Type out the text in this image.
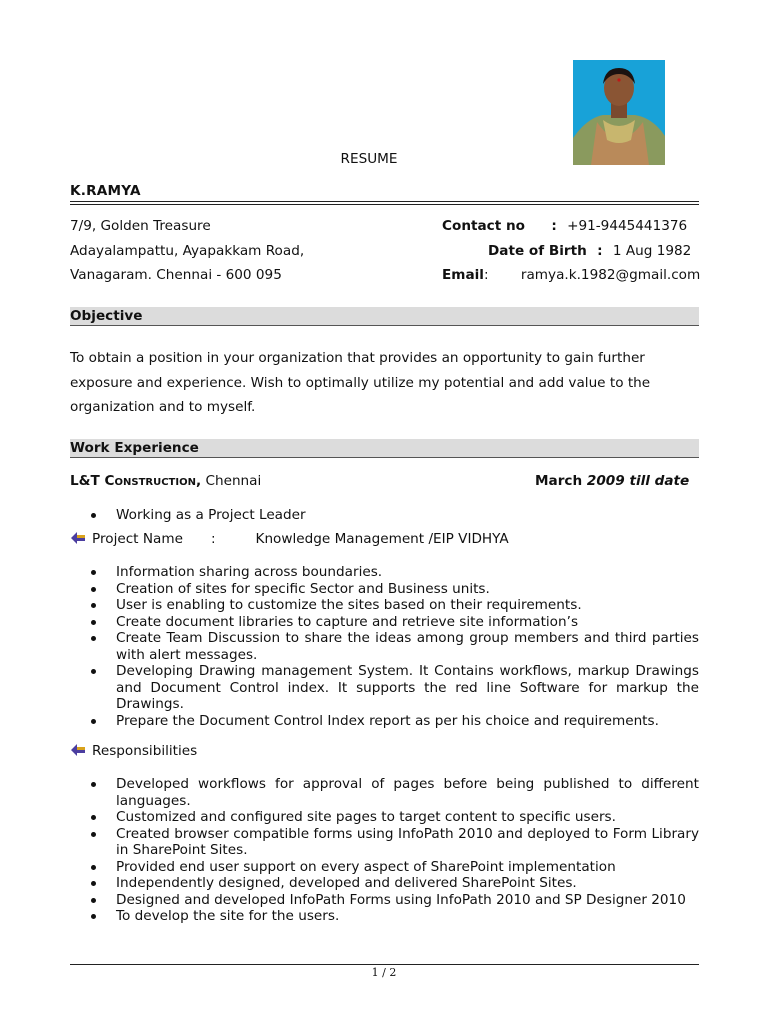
RESUME
K.RAMYA
7/9, Golden Treasure
Adayalampattu, Ayapakkam Road,
Vanagaram. Chennai - 600 095
Contact no : +91-9445441376
Date of Birth : 1 Aug 1982
Email: ramya.k.1982@gmail.com
Objective
To obtain a position in your organization that provides an opportunity to gain further exposure and experience. Wish to optimally utilize my potential and add value to the organization and to myself.
Work Experience
L&T Construction, Chennai	March 2009 till date
Working as a Project Leader
Project Name :	Knowledge Management /EIP VIDHYA
Information sharing across boundaries.
Creation of sites for specific Sector and Business units.
User is enabling to customize the sites based on their requirements.
Create document libraries to capture and retrieve site information’s
Create Team Discussion to share the ideas among group members and third parties with alert messages.
Developing Drawing management System. It Contains workflows, markup Drawings and Document Control index. It supports the red line Software for markup the Drawings.
Prepare the Document Control Index report as per his choice and requirements.
Responsibilities
Developed workflows for approval of pages before being published to different languages.
Customized and configured site pages to target content to specific users.
Created browser compatible forms using InfoPath 2010 and deployed to Form Library in SharePoint Sites.
Provided end user support on every aspect of SharePoint implementation
Independently designed, developed and delivered SharePoint Sites.
Designed and developed InfoPath Forms using InfoPath 2010 and SP Designer 2010
To develop the site for the users.
1 / 2
